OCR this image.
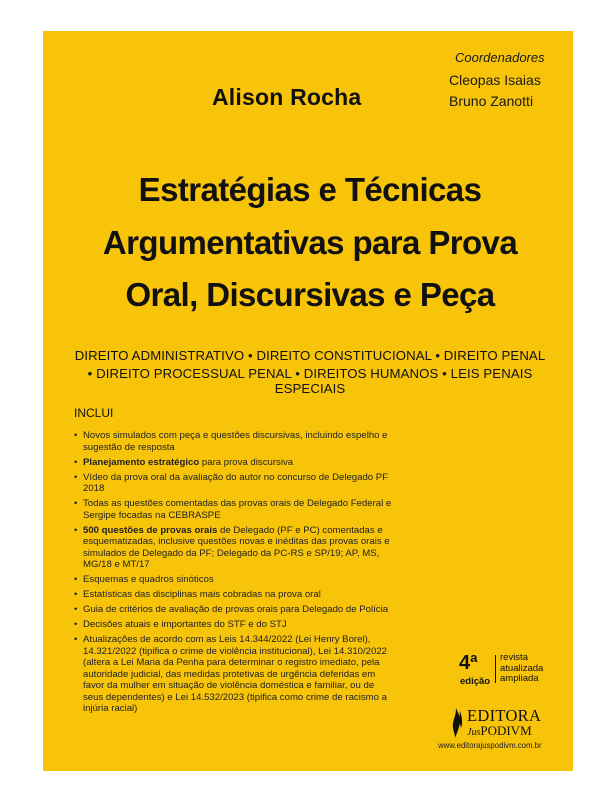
Coordenadores
Cleopas Isaias
Bruno Zanotti
Alison Rocha
Estratégias e Técnicas
Argumentativas para Prova
Oral, Discursivas e Peça
DIREITO ADMINISTRATIVO • DIREITO CONSTITUCIONAL • DIREITO PENAL
• DIREITO PROCESSUAL PENAL • DIREITOS HUMANOS • LEIS PENAIS ESPECIAIS
INCLUI
• Novos simulados com peça e questões discursivas, incluindo espelho e sugestão de resposta
• Planejamento estratégico para prova discursiva
• Vídeo da prova oral da avaliação do autor no concurso de Delegado PF 2018
• Todas as questões comentadas das provas orais de Delegado Federal e Sergipe focadas na CEBRASPE
• 500 questões de provas orais de Delegado (PF e PC) comentadas e esquematizadas, inclusive questões novas e inéditas das provas orais e simulados de Delegado da PF; Delegado da PC-RS e SP/19; AP, MS, MG/18 e MT/17
• Esquemas e quadros sinóticos
• Estatísticas das disciplinas mais cobradas na prova oral
• Guia de critérios de avaliação de provas orais para Delegado de Polícia
• Decisões atuais e importantes do STF e do STJ
• Atualizações de acordo com as Leis 14.344/2022 (Lei Henry Borel), 14.321/2022 (tipifica o crime de violência institucional), Lei 14.310/2022 (altera a Lei Maria da Penha para determinar o registro imediato, pela autoridade judicial, das medidas protetivas de urgência deferidas em favor da mulher em situação de violência doméstica e familiar, ou de seus dependentes) e Lei 14.532/2023 (tipifica como crime de racismo a injúria racial)
4ª
edição
revista
atualizada
ampliada
EDITORA
JusPODIVM
www.editorajuspodivm.com.br
